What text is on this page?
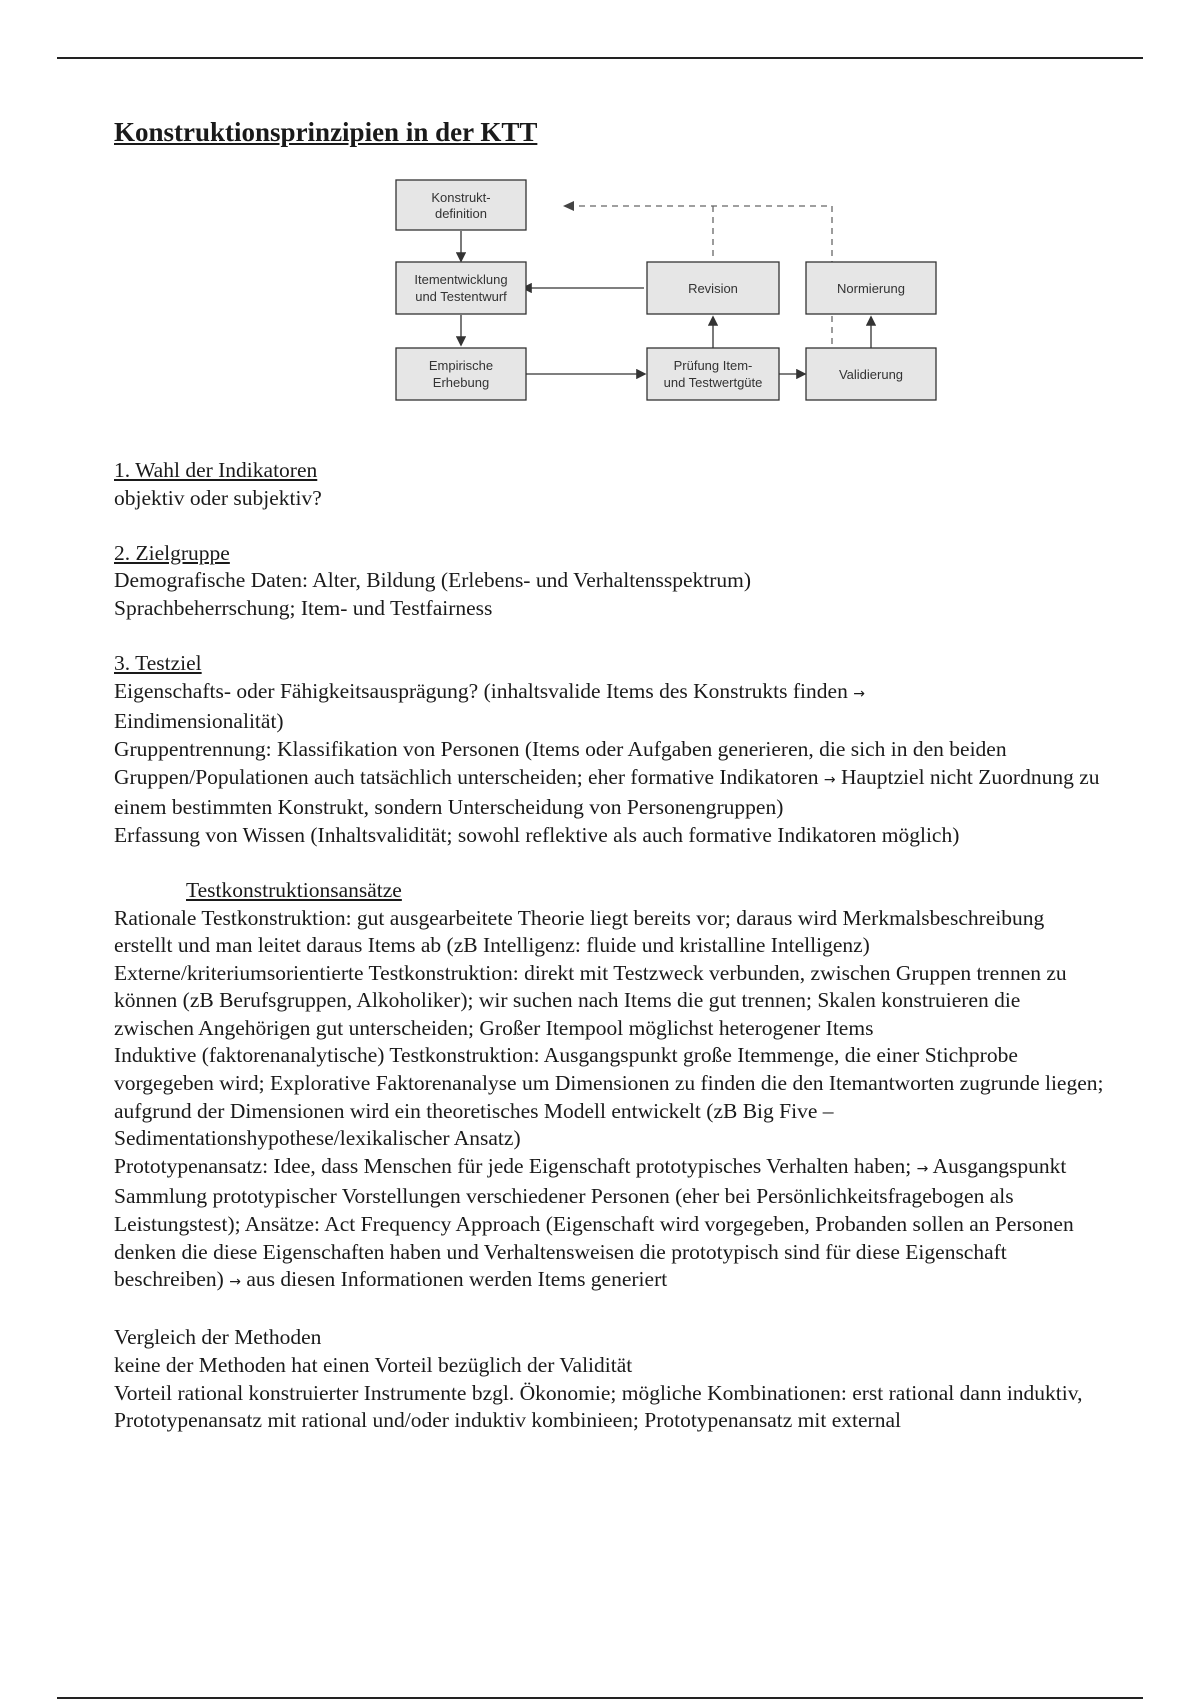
Konstruktionsprinzipien in der KTT
Konstrukt-
definition
Itementwicklung
und Testentwurf
Revision	Normierung
Empirische
Erhebung
Prüfung Item-
und Testwertgüte
Validierung

1. Wahl der Indikatoren

objektiv oder subjektiv?

2. Zielgruppe

Demografische Daten: Alter, Bildung (Erlebens- und Verhaltensspektrum)

Sprachbeherrschung; Item- und Testfairness

3. Testziel

Eigenschafts- oder Fähigkeitsausprägung? (inhaltsvalide Items des Konstrukts finden →
Eindimensionalität)

Gruppentrennung: Klassifikation von Personen (Items oder Aufgaben generieren, die sich in den beiden Gruppen/Populationen auch tatsächlich unterscheiden; eher formative Indikatoren → Hauptziel nicht Zuordnung zu einem bestimmten Konstrukt, sondern Unterscheidung von Personengruppen)

Erfassung von Wissen (Inhaltsvalidität; sowohl reflektive als auch formative Indikatoren möglich)

Testkonstruktionsansätze

Rationale Testkonstruktion: gut ausgearbeitete Theorie liegt bereits vor; daraus wird Merkmalsbeschreibung erstellt und man leitet daraus Items ab (zB Intelligenz: fluide und kristalline Intelligenz)

Externe/kriteriumsorientierte Testkonstruktion: direkt mit Testzweck verbunden, zwischen Gruppen trennen zu können (zB Berufsgruppen, Alkoholiker); wir suchen nach Items die gut trennen; Skalen konstruieren die zwischen Angehörigen gut unterscheiden; Großer Itempool möglichst heterogener Items

Induktive (faktorenanalytische) Testkonstruktion: Ausgangspunkt große Itemmenge, die einer Stichprobe vorgegeben wird; Explorative Faktorenanalyse um Dimensionen zu finden die den Itemantworten zugrunde liegen; aufgrund der Dimensionen wird ein theoretisches Modell entwickelt (zB Big Five – Sedimentationshypothese/lexikalischer Ansatz)

Prototypenansatz: Idee, dass Menschen für jede Eigenschaft prototypisches Verhalten haben; → Ausgangspunkt Sammlung prototypischer Vorstellungen verschiedener Personen (eher bei Persönlichkeitsfragebogen als Leistungstest); Ansätze: Act Frequency Approach (Eigenschaft wird vorgegeben, Probanden sollen an Personen denken die diese Eigenschaften haben und Verhaltensweisen die prototypisch sind für diese Eigenschaft beschreiben) → aus diesen Informationen werden Items generiert

Vergleich der Methoden

keine der Methoden hat einen Vorteil bezüglich der Validität

Vorteil rational konstruierter Instrumente bzgl. Ökonomie; mögliche Kombinationen: erst rational dann induktiv, Prototypenansatz mit rational und/oder induktiv kombinieen; Prototypenansatz mit external
